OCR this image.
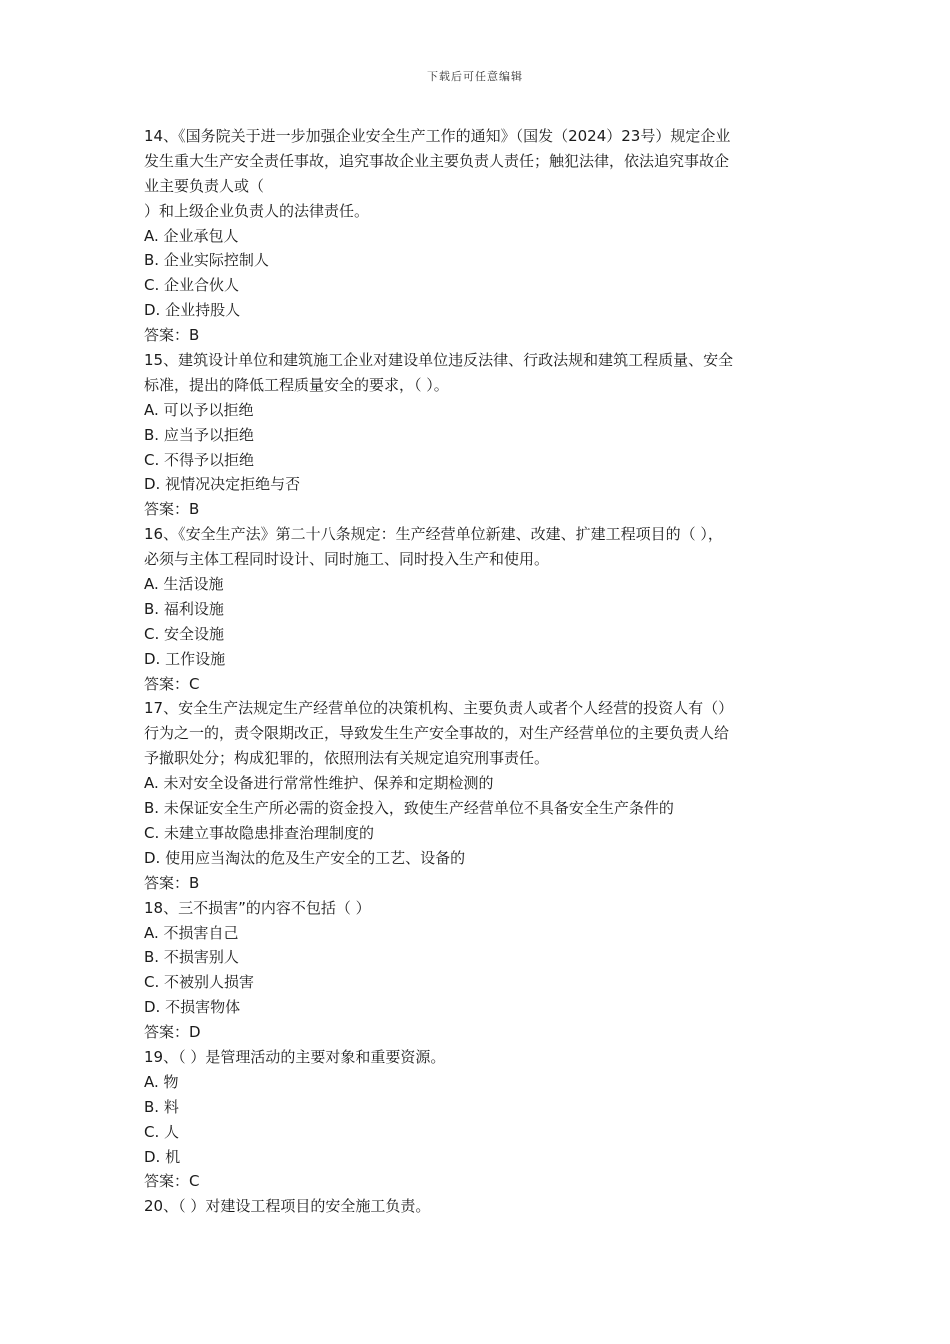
下载后可任意编辑
14、《国务院关于进一步加强企业安全生产工作的通知》（国发（2024）23号）规定企业
发生重大生产安全责任事故，追究事故企业主要负责人责任；触犯法律，依法追究事故企
业主要负责人或（
）和上级企业负责人的法律责任。
A. 企业承包人
B. 企业实际控制人
C. 企业合伙人
D. 企业持股人
答案：B
15、建筑设计单位和建筑施工企业对建设单位违反法律、行政法规和建筑工程质量、安全
标准，提出的降低工程质量安全的要求，（ ）。
A. 可以予以拒绝
B. 应当予以拒绝
C. 不得予以拒绝
D. 视情况决定拒绝与否
答案：B
16、《安全生产法》第二十八条规定：生产经营单位新建、改建、扩建工程项目的（ ），
必须与主体工程同时设计、同时施工、同时投入生产和使用。
A. 生活设施
B. 福利设施
C. 安全设施
D. 工作设施
答案：C
17、安全生产法规定生产经营单位的决策机构、主要负责人或者个人经营的投资人有（）
行为之一的，责令限期改正，导致发生生产安全事故的，对生产经营单位的主要负责人给
予撤职处分；构成犯罪的，依照刑法有关规定追究刑事责任。
A. 未对安全设备进行常常性维护、保养和定期检测的
B. 未保证安全生产所必需的资金投入，致使生产经营单位不具备安全生产条件的
C. 未建立事故隐患排查治理制度的
D. 使用应当淘汰的危及生产安全的工艺、设备的
答案：B
18、三不损害”的内容不包括（ ）
A. 不损害自己
B. 不损害别人
C. 不被别人损害
D. 不损害物体
答案：D
19、（ ）是管理活动的主要对象和重要资源。
A. 物
B. 料
C. 人
D. 机
答案：C
20、（ ）对建设工程项目的安全施工负责。
